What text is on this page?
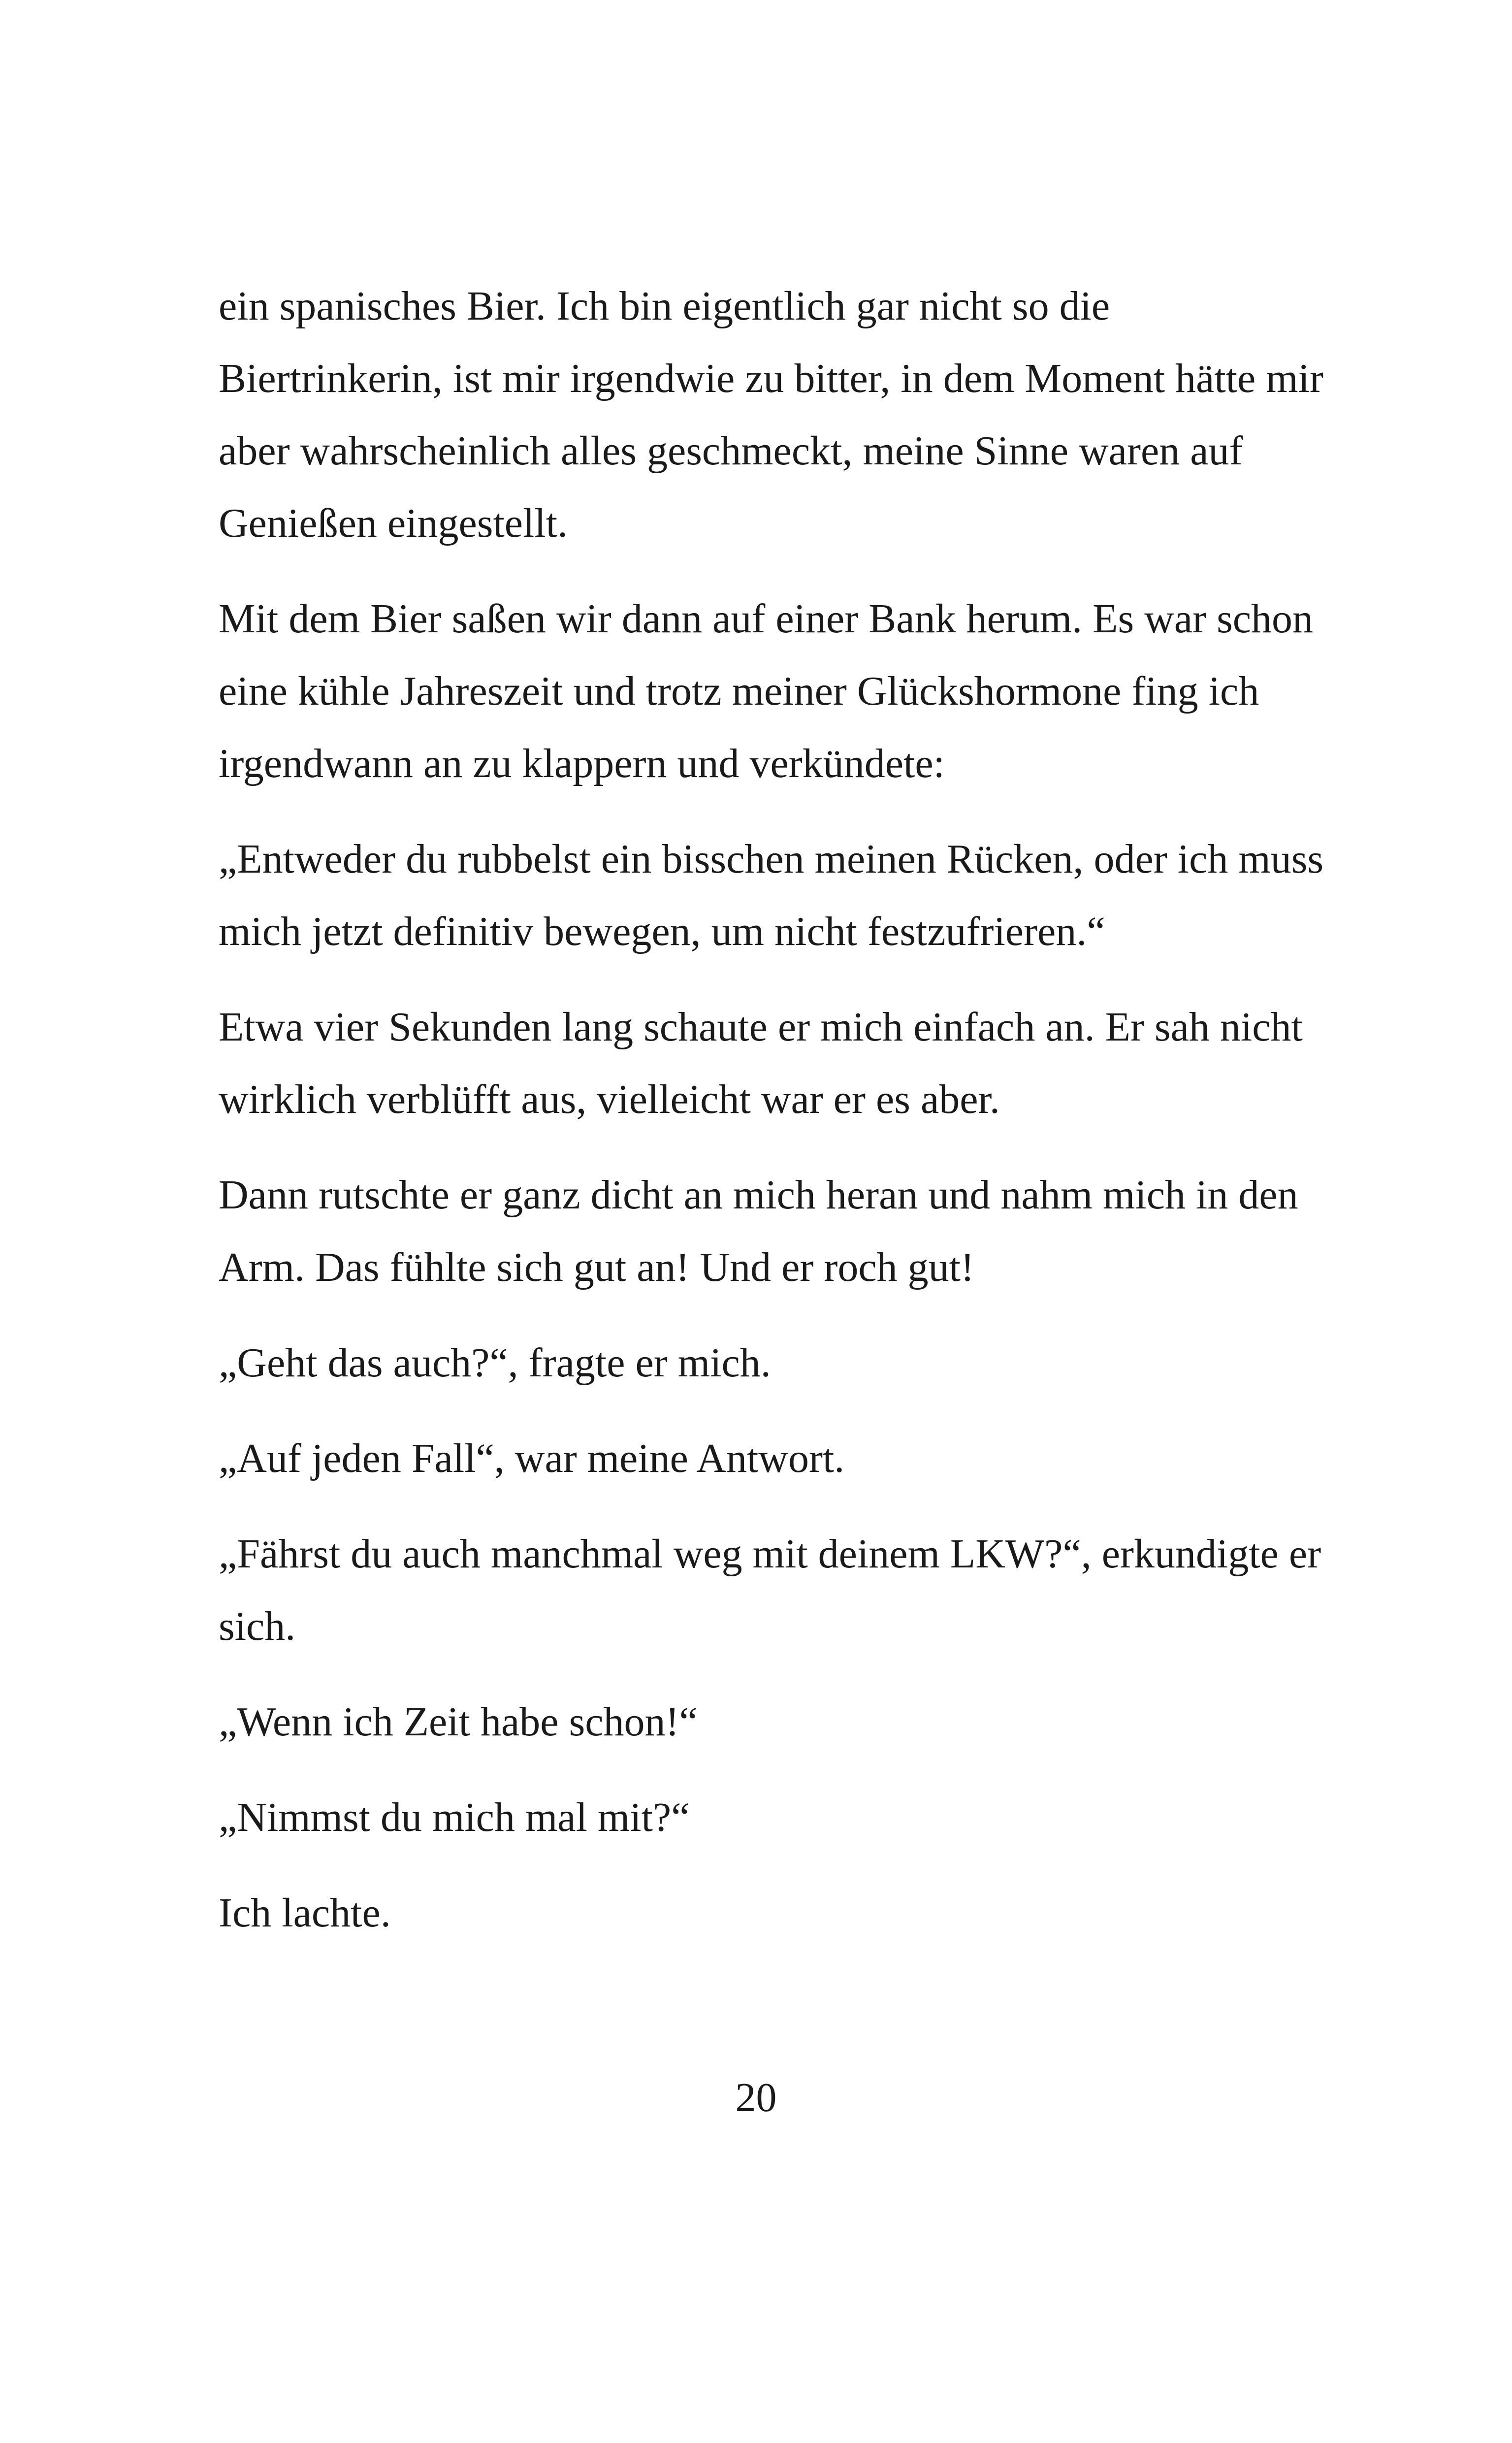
ein spanisches Bier. Ich bin eigentlich gar nicht so die Biertrinkerin, ist mir irgendwie zu bitter, in dem Moment hätte mir aber wahrscheinlich alles geschmeckt, meine Sinne waren auf Genießen eingestellt.

Mit dem Bier saßen wir dann auf einer Bank herum. Es war schon eine kühle Jahreszeit und trotz meiner Glückshormone fing ich irgendwann an zu klappern und verkündete:

„Entweder du rubbelst ein bisschen meinen Rücken, oder ich muss mich jetzt definitiv bewegen, um nicht festzufrieren.“

Etwa vier Sekunden lang schaute er mich einfach an. Er sah nicht wirklich verblüfft aus, vielleicht war er es aber.

Dann rutschte er ganz dicht an mich heran und nahm mich in den Arm. Das fühlte sich gut an! Und er roch gut!

„Geht das auch?“, fragte er mich.

„Auf jeden Fall“, war meine Antwort.

„Fährst du auch manchmal weg mit deinem LKW?“, erkundigte er sich.

„Wenn ich Zeit habe schon!“

„Nimmst du mich mal mit?“

Ich lachte.

20
